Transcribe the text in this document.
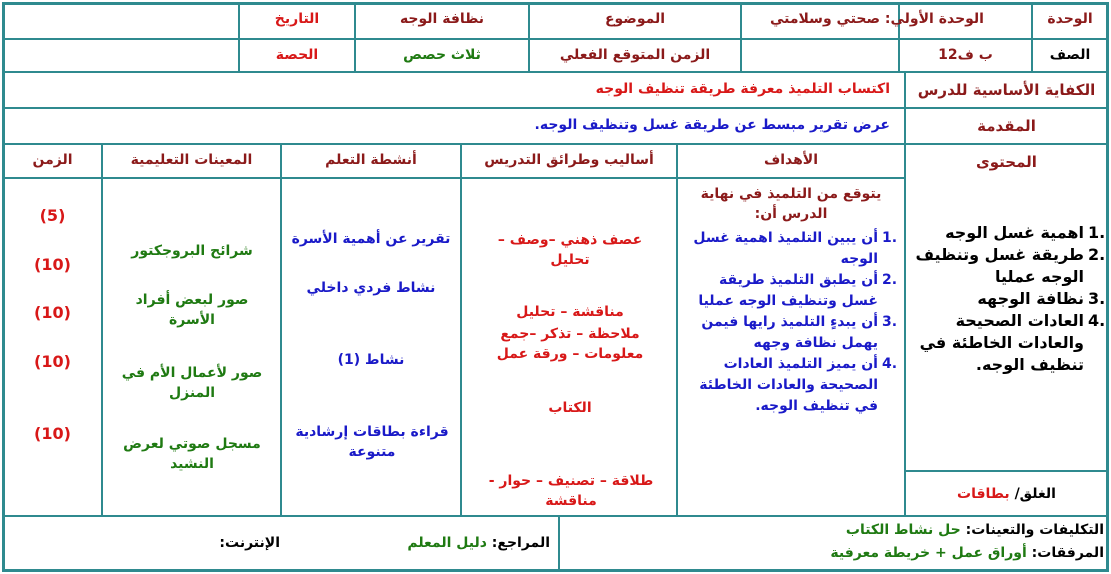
الوحدة
الوحدة الأولي: صحتي وسلامتي
الموضوع
نظافة الوجه
التاريخ
الصف
1ب ف2
الزمن المتوقع الفعلي
ثلاث حصص
الحصة
الكفاية الأساسية للدرس
اكتساب التلميذ معرفة طريقة تنظيف الوجه
المقدمة
عرض تقرير مبسط عن طريقة غسل وتنظيف الوجه.
المحتوى
الأهداف
أساليب وطرائق التدريس
أنشطة التعلم
المعينات التعليمية
الزمن
1.
اهمية غسل الوجه
2.
طريقة غسل وتنظيف الوجه عمليا
3.
نظافة الوجهه
4.
العادات الصحيحة والعادات الخاطئة في تنظيف الوجه.
الغلق/ بطاقات
يتوقع من التلميذ في نهاية الدرس أن:
1.
أن يبين التلميذ اهمية غسل الوجه
2.
أن يطبق التلميذ طريقة غسل وتنظيف الوجه عمليا
3.
أن يبدءٍ التلميذ رايها فيمن يهمل نظافة وجهه
4.
أن يميز التلميذ العادات الصحيحة والعادات الخاطئة في تنظيف الوجه.
عصف ذهني –وصف – تحليل
مناقشة – تحليل
ملاحظة – تذكر –جمع معلومات – ورقة عمل
الكتاب
طلاقة – تصنيف – حوار - مناقشة
تقرير عن أهمية الأسرة
نشاط فردي داخلي
نشاط (1)
قراءة بطاقات إرشادية متنوعة
شرائح البروجكتور
صور لبعض أفراد الأسرة
صور لأعمال الأم في المنزل
مسجل صوتي لعرض النشيد
(5)
(10)
(10)
(10)
(10)
التكليفات والتعينات: حل نشاط الكتاب
المرفقات: أوراق عمل + خريطة معرفية
المراجع: دليل المعلم
الإنترنت:
